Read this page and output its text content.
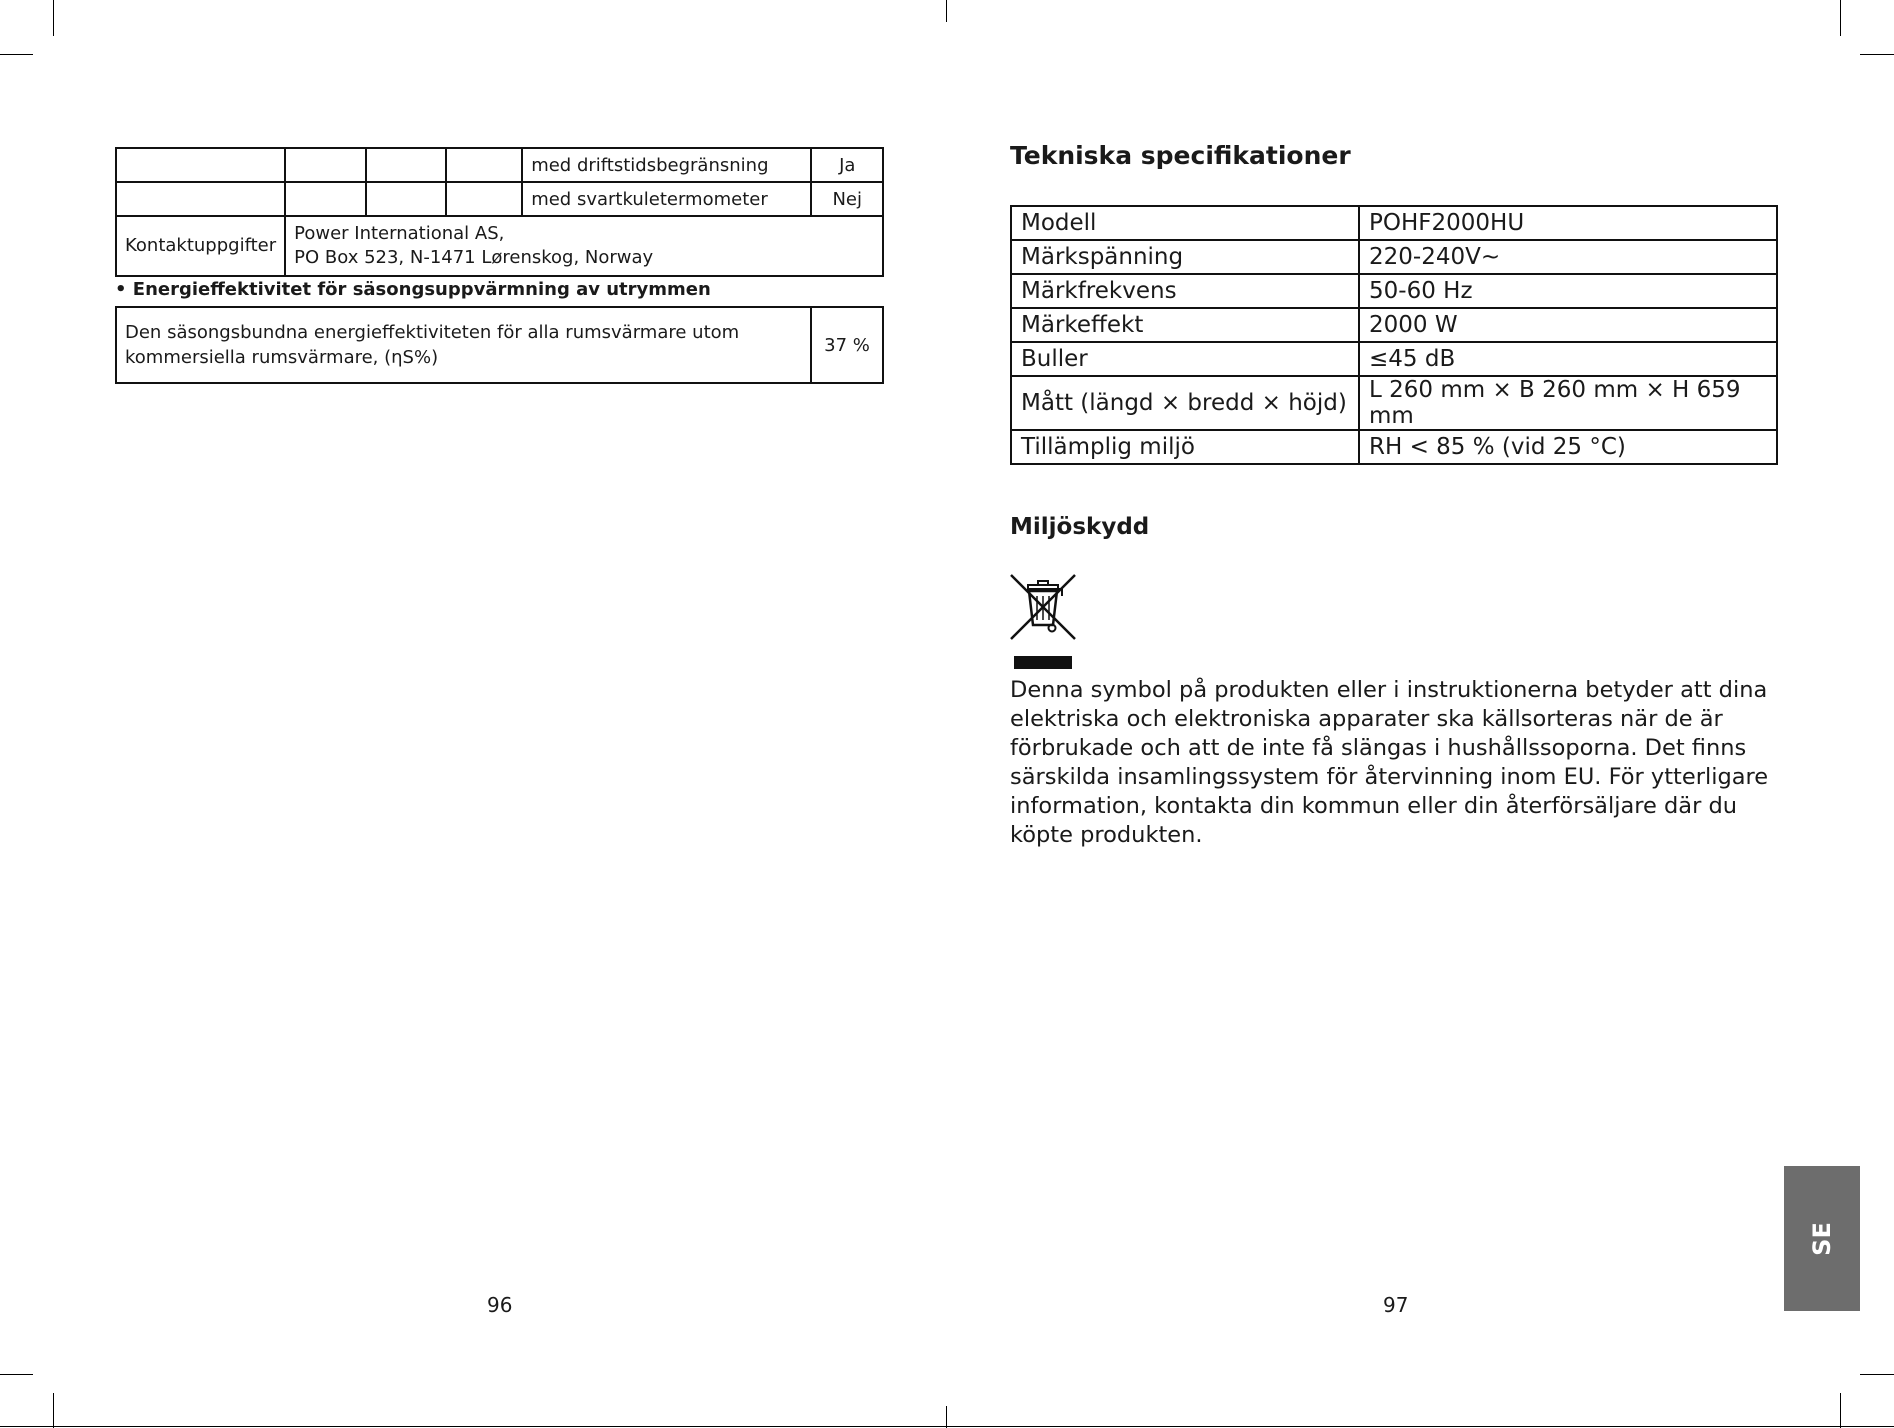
				med driftstidsbegränsning	Ja
				med svartkuletermometer	Nej
Kontaktuppgifter	Power International AS,
PO Box 523, N-1471 Lørenskog, Norway				
• Energieffektivitet för säsongsuppvärmning av utrymmen
Den säsongsbundna energieffektiviteten för alla rumsvärmare utom kommersiella rumsvärmare, (ηS%)	37 %
96
Tekniska specifikationer
Modell	POHF2000HU
Märkspänning	220-240V~
Märkfrekvens	50-60 Hz
Märkeffekt	2000 W
Buller	≤45 dB
Mått (längd × bredd × höjd)	L 260 mm × B 260 mm × H 659 mm
Tillämplig miljö	RH < 85 % (vid 25 °C)
Miljöskydd
Denna symbol på produkten eller i instruktionerna betyder att dina elektriska och elektroniska apparater ska källsorteras när de är förbrukade och att de inte få slängas i hushållssoporna. Det finns särskilda insamlingssystem för återvinning inom EU. För ytterligare information, kontakta din kommun eller din återförsäljare där du köpte produkten.
97
SE
